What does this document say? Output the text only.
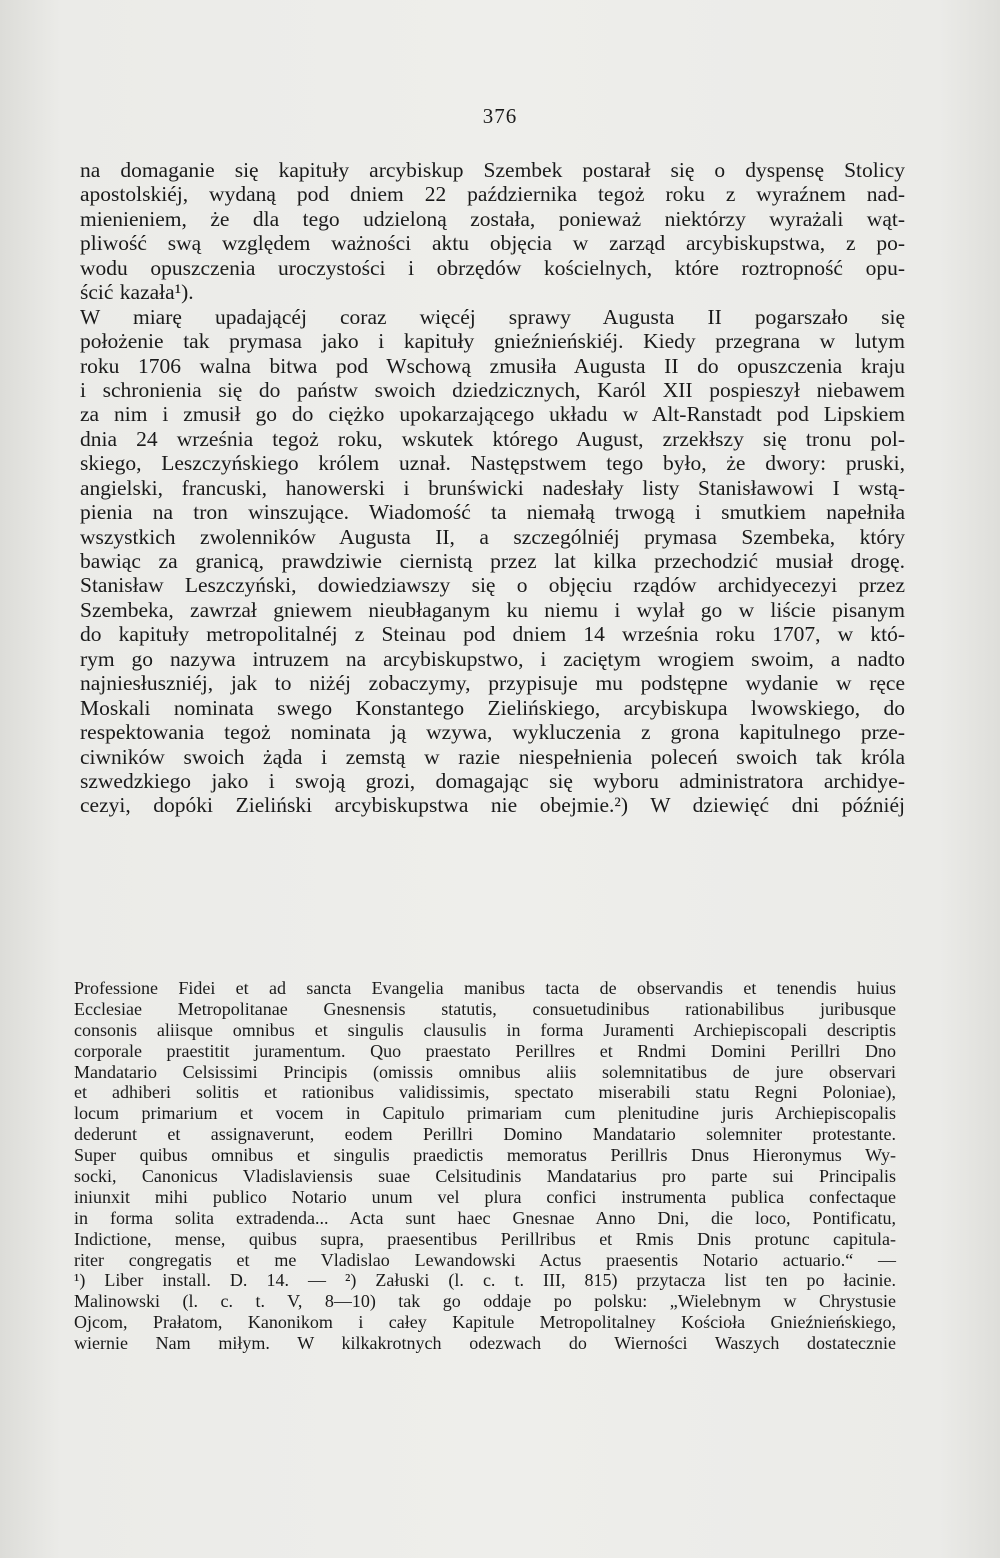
376
na domaganie się kapituły arcybiskup Szembek postarał się o dyspensę Stolicy
apostolskiéj, wydaną pod dniem 22 października tegoż roku z wyraźnem nad-
mienieniem, że dla tego udzieloną została, ponieważ niektórzy wyrażali wąt-
pliwość swą względem ważności aktu objęcia w zarząd arcybiskupstwa, z po-
wodu opuszczenia uroczystości i obrzędów kościelnych, które roztropność opu-
ścić kazała¹).
W miarę upadającéj coraz więcéj sprawy Augusta II pogarszało się
położenie tak prymasa jako i kapituły gnieźnieńskiéj. Kiedy przegrana w lutym
roku 1706 walna bitwa pod Wschową zmusiła Augusta II do opuszczenia kraju
i schronienia się do państw swoich dziedzicznych, Karól XII pospieszył niebawem
za nim i zmusił go do ciężko upokarzającego układu w Alt-Ranstadt pod Lipskiem
dnia 24 września tegoż roku, wskutek którego August, zrzekłszy się tronu pol-
skiego, Leszczyńskiego królem uznał. Następstwem tego było, że dwory: pruski,
angielski, francuski, hanowerski i brunświcki nadesłały listy Stanisławowi I wstą-
pienia na tron winszujące. Wiadomość ta niemałą trwogą i smutkiem napełniła
wszystkich zwolenników Augusta II, a szczególniéj prymasa Szembeka, który
bawiąc za granicą, prawdziwie ciernistą przez lat kilka przechodzić musiał drogę.
Stanisław Leszczyński, dowiedziawszy się o objęciu rządów archidyecezyi przez
Szembeka, zawrzał gniewem nieubłaganym ku niemu i wylał go w liście pisanym
do kapituły metropolitalnéj z Steinau pod dniem 14 września roku 1707, w któ-
rym go nazywa intruzem na arcybiskupstwo, i zaciętym wrogiem swoim, a nadto
najniesłuszniéj, jak to niżéj zobaczymy, przypisuje mu podstępne wydanie w ręce
Moskali nominata swego Konstantego Zielińskiego, arcybiskupa lwowskiego, do
respektowania tegoż nominata ją wzywa, wykluczenia z grona kapitulnego prze-
ciwników swoich żąda i zemstą w razie niespełnienia poleceń swoich tak króla
szwedzkiego jako i swoją grozi, domagając się wyboru administratora archidye-
cezyi, dopóki Zieliński arcybiskupstwa nie obejmie.²) W dziewięć dni późniéj
Professione Fidei et ad sancta Evangelia manibus tacta de observandis et tenendis huius
Ecclesiae Metropolitanae Gnesnensis statutis, consuetudinibus rationabilibus juribusque
consonis aliisque omnibus et singulis clausulis in forma Juramenti Archiepiscopali descriptis
corporale praestitit juramentum. Quo praestato Perillres et Rndmi Domini Perillri Dno
Mandatario Celsissimi Principis (omissis omnibus aliis solemnitatibus de jure observari
et adhiberi solitis et rationibus validissimis, spectato miserabili statu Regni Poloniae),
locum primarium et vocem in Capitulo primariam cum plenitudine juris Archiepiscopalis
dederunt et assignaverunt, eodem Perillri Domino Mandatario solemniter protestante.
Super quibus omnibus et singulis praedictis memoratus Perillris Dnus Hieronymus Wy-
socki, Canonicus Vladislaviensis suae Celsitudinis Mandatarius pro parte sui Principalis
iniunxit mihi publico Notario unum vel plura confici instrumenta publica confectaque
in forma solita extradenda... Acta sunt haec Gnesnae Anno Dni, die loco, Pontificatu,
Indictione, mense, quibus supra, praesentibus Perillribus et Rmis Dnis protunc capitula-
riter congregatis et me Vladislao Lewandowski Actus praesentis Notario actuario.“ —
¹) Liber install. D. 14. — ²) Załuski (l. c. t. III, 815) przytacza list ten po łacinie.
Malinowski (l. c. t. V, 8—10) tak go oddaje po polsku: „Wielebnym w Chrystusie
Ojcom, Prałatom, Kanonikom i całey Kapitule Metropolitalney Kościoła Gnieźnieńskiego,
wiernie Nam miłym. W kilkakrotnych odezwach do Wierności Waszych dostatecznie
